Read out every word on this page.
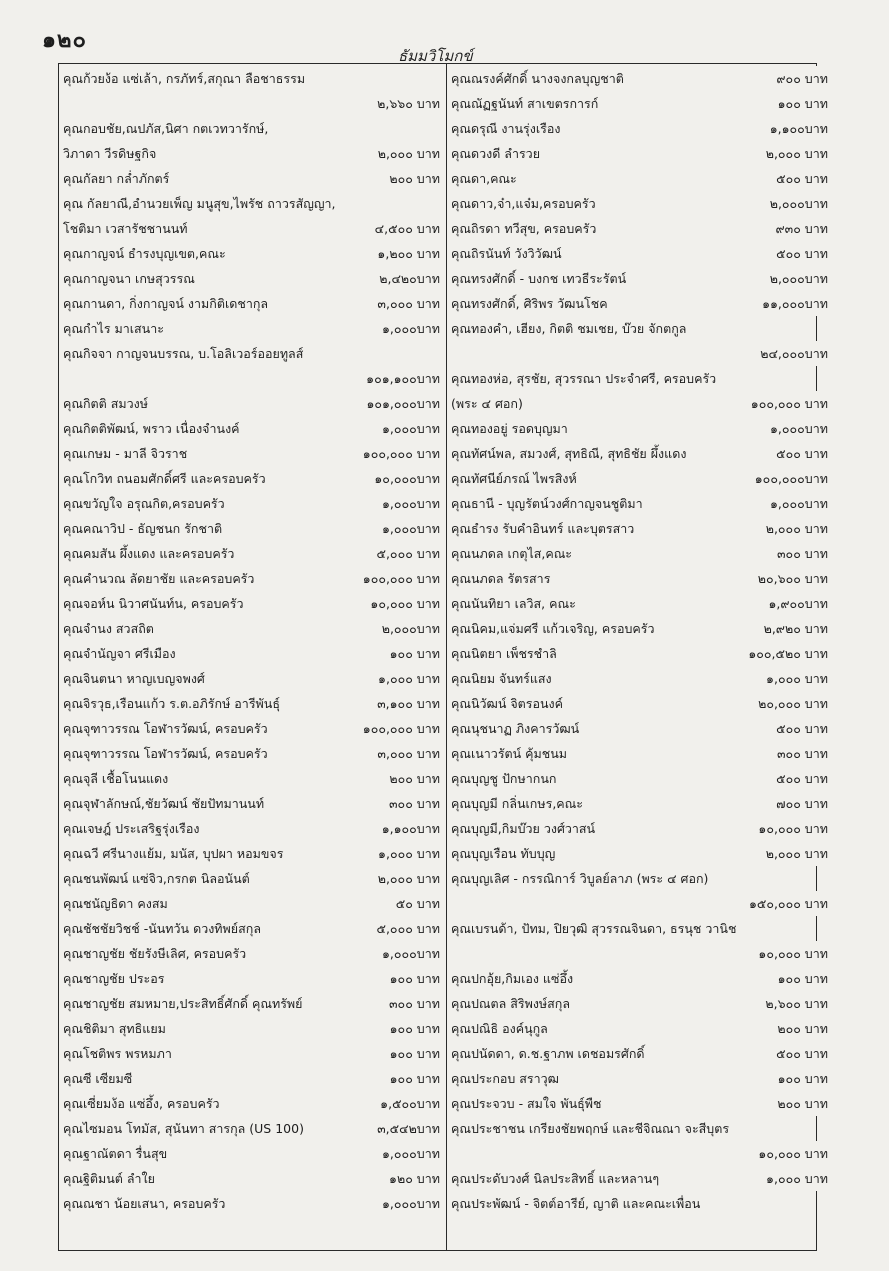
๑๒๐
ธัมมวิโมกข์
คุณก้วยง้อ แซ่เล้า, กรภัทร์,สกุณา ลือชาธรรม
๒,๖๖๐ บาท
คุณกอบชัย,ณปภัส,นิศา กตเวทวารักษ์,
วิภาดา วีรดิษฐกิจ	๒,๐๐๐ บาท
คุณกัลยา กล่ำภักตร์	๒๐๐ บาท
คุณ กัลยาณี,อำนวยเพ็ญ มนูสุข,ไพรัช ถาวรสัญญา,
โชติมา เวสารัชชานนท์	๔,๕๐๐ บาท
คุณกาญจน์ ธำรงบุญเขต,คณะ	๑,๒๐๐ บาท
คุณกาญจนา เกษสุวรรณ	๒,๔๒๐บาท
คุณกานดา, กิ่งกาญจน์ งามกิติเดชากุล	๓,๐๐๐ บาท
คุณกำไร มาเสนาะ	๑,๐๐๐บาท
คุณกิจจา กาญจนบรรณ, บ.โอลิเวอร์ออยทูลส์
๑๐๑,๑๐๐บาท
คุณกิตติ สมวงษ์	๑๐๑,๐๐๐บาท
คุณกิตติพัฒน์, พราว เนื่องจำนงค์	๑,๐๐๐บาท
คุณเกษม - มาลี จิวราช	๑๐๐,๐๐๐ บาท
คุณโกวิท ถนอมศักดิ์ศรี และครอบครัว	๑๐,๐๐๐บาท
คุณขวัญใจ อรุณกิต,ครอบครัว	๑,๐๐๐บาท
คุณคณาวิป - ธัญชนก รักชาติ	๑,๐๐๐บาท
คุณคมสัน ผึ้งแดง และครอบครัว	๕,๐๐๐ บาท
คุณคำนวณ ลัดยาชัย และครอบครัว	๑๐๐,๐๐๐ บาท
คุณจอห์น นิวาศนันท์น, ครอบครัว	๑๐,๐๐๐ บาท
คุณจำนง สวสถิต	๒,๐๐๐บาท
คุณจำนัญจา ศรีเมือง	๑๐๐ บาท
คุณจินตนา หาญเบญจพงศ์	๑,๐๐๐ บาท
คุณจิรวุธ,เรือนแก้ว ร.ต.อภิรักษ์ อารีพันธุ์	๓,๑๐๐ บาท
คุณจุฑาวรรณ โอฬารวัฒน์, ครอบครัว	๑๐๐,๐๐๐ บาท
คุณจุฑาวรรณ โอฬารวัฒน์, ครอบครัว	๓,๐๐๐ บาท
คุณจุลี เชื้อโนนแดง	๒๐๐ บาท
คุณจุฬาลักษณ์,ชัยวัฒน์ ชัยปัทมานนท์	๓๐๐ บาท
คุณเจษฎ์ ประเสริฐรุ่งเรือง	๑,๑๐๐บาท
คุณฉวี ศรีนางแย้ม, มนัส, บุปผา หอมขจร	๑,๐๐๐ บาท
คุณชนพัฒน์ แซ่จิว,กรกต นิลอนันต์	๒,๐๐๐ บาท
คุณชนัญธิดา คงสม	๕๐ บาท
คุณชัชชัยวิชช์ -นันทวัน ดวงทิพย์สกุล	๕,๐๐๐ บาท
คุณชาญชัย ชัยรังษีเลิศ, ครอบครัว	๑,๐๐๐บาท
คุณชาญชัย ประอร	๑๐๐ บาท
คุณชาญชัย สมหมาย,ประสิทธิ์ศักดิ์ คุณทรัพย์	๓๐๐ บาท
คุณชิติมา สุทธิแยม	๑๐๐ บาท
คุณโชติพร พรหมภา	๑๐๐ บาท
คุณซี เซียมซี	๑๐๐ บาท
คุณเซี่ยมง้อ แซ่อึ้ง, ครอบครัว	๑,๕๐๐บาท
คุณไซมอน โทมัส, สุนันทา สารกุล (US 100)	๓,๕๔๒บาท
คุณฐาณัตดา รื่นสุข	๑,๐๐๐บาท
คุณฐิติมนต์ ลำใย	๑๒๐ บาท
คุณณชา น้อยเสนา, ครอบครัว	๑,๐๐๐บาท
คุณณรงค์ศักดิ์ นางจงกลบุญชาติ	๙๐๐ บาท
คุณณัฏฐนันท์ สาเขตรการก์	๑๐๐ บาท
คุณดรุณี งานรุ่งเรือง	๑,๑๐๐บาท
คุณดวงดี ลำรวย	๒,๐๐๐ บาท
คุณดา,คณะ	๕๐๐ บาท
คุณดาว,จ๋า,แจ๋ม,ครอบครัว	๒,๐๐๐บาท
คุณถิรดา ทวีสุข, ครอบครัว	๙๓๐ บาท
คุณถิรนันท์ วังวิวัฒน์	๕๐๐ บาท
คุณทรงศักดิ์ - บงกช เทวธีระรัตน์	๒,๐๐๐บาท
คุณทรงศักดิ์, ศิริพร วัฒนโชค	๑๑,๐๐๐บาท
คุณทองคำ, เฮียง, กิตติ ชมเชย, บ๊วย จักตกูล
๒๔,๐๐๐บาท
คุณทองห่อ, สุรชัย, สุวรรณา ประจำศรี, ครอบครัว
(พระ ๔ ศอก)	๑๐๐,๐๐๐ บาท
คุณทองอยู่ รอดบุญมา	๑,๐๐๐บาท
คุณทัศน์พล, สมวงศ์, สุทธิณี, สุทธิชัย ผึ้งแดง	๕๐๐ บาท
คุณทัศนีย์ภรณ์ ไพรสิงห์	๑๐๐,๐๐๐บาท
คุณธานี - บุญรัตน์วงศ์กาญจนชูติมา	๑,๐๐๐บาท
คุณธำรง รับคำอินทร์ และบุตรสาว	๒,๐๐๐ บาท
คุณนภดล เกตุไส,คณะ	๓๐๐ บาท
คุณนภดล รัตรสาร	๒๐,๖๐๐ บาท
คุณนันทิยา เลวิส, คณะ	๑,๙๐๐บาท
คุณนิคม,แจ่มศรี แก้วเจริญ, ครอบครัว	๒,๙๒๐ บาท
คุณนิตยา เพ็ชรชำลิ	๑๐๐,๕๒๐ บาท
คุณนิยม จันทร์แสง	๑,๐๐๐ บาท
คุณนิวัฒน์ จิตรอนงค์	๒๐,๐๐๐ บาท
คุณนุชนาฏ ภิงคารวัฒน์	๕๐๐ บาท
คุณเนาวรัตน์ คุ้มชนม	๓๐๐ บาท
คุณบุญชู ปักษากนก	๕๐๐ บาท
คุณบุญมี กลิ่นเกษร,คณะ	๗๐๐ บาท
คุณบุญมี,กิมบ๊วย วงศ์วาสน์	๑๐,๐๐๐ บาท
คุณบุญเรือน ทับบุญ	๒,๐๐๐ บาท
คุณบุญเลิศ - กรรณิการ์ วิบูลย์ลาภ (พระ ๔ ศอก)
๑๕๐,๐๐๐ บาท
คุณเบรนด้า, ปัทม, ปิยวุฒิ สุวรรณจินดา, ธรนุช วานิช
๑๐,๐๐๐ บาท
คุณปกอุ้ย,กิมเอง แซ่อึ้ง	๑๐๐ บาท
คุณปณตล สิริพงษ์สกุล	๒,๖๐๐ บาท
คุณปณิธิ องค์นุกูล	๒๐๐ บาท
คุณปนัดดา, ด.ช.ฐาภพ เดชอมรศักดิ์	๕๐๐ บาท
คุณประกอบ สราวุฒ	๑๐๐ บาท
คุณประจวบ - สมใจ พันธุ์พืช	๒๐๐ บาท
คุณประชาชน เกรียงชัยพฤกษ์ และชีจิณณา จะสีบุตร
๑๐,๐๐๐ บาท
คุณประดับวงศ์ นิลประสิทธิ์ และหลานๆ	๑,๐๐๐ บาท
คุณประพัฒน์ - จิตต์อารีย์, ญาติ และคณะเพื่อน
